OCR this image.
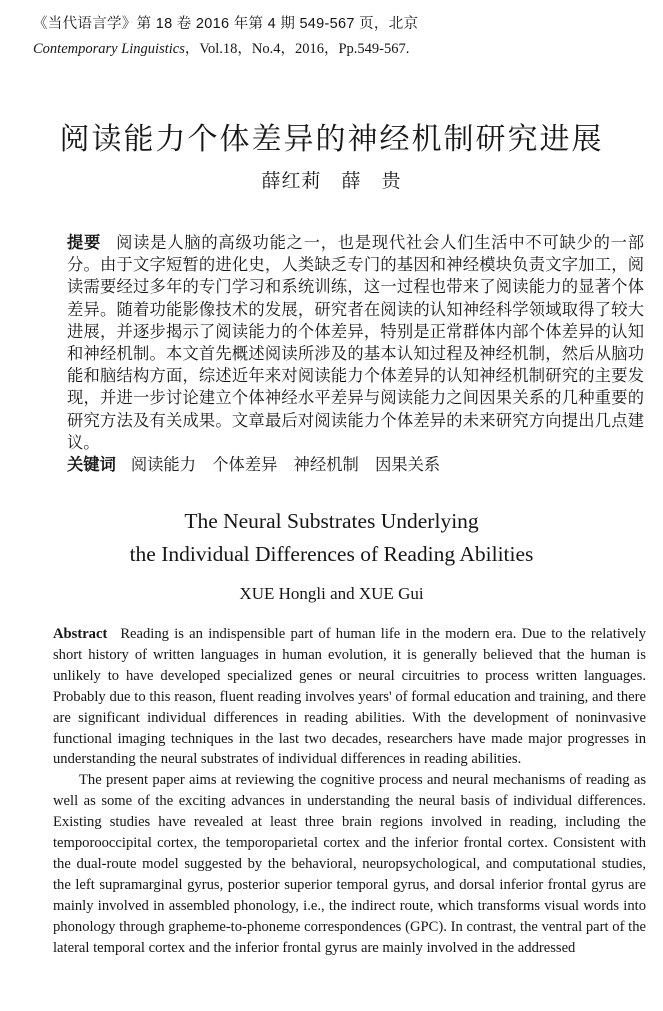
《当代语言学》第 18 卷 2016 年第 4 期 549-567 页，北京
Contemporary Linguistics，Vol.18，No.4，2016，Pp.549-567.
阅读能力个体差异的神经机制研究进展
薛红莉　薛　贵

提要 阅读是人脑的高级功能之一，也是现代社会人们生活中不可缺少的一部分。由于文字短暂的进化史，人类缺乏专门的基因和神经模块负责文字加工，阅读需要经过多年的专门学习和系统训练，这一过程也带来了阅读能力的显著个体差异。随着功能影像技术的发展，研究者在阅读的认知神经科学领域取得了较大进展，并逐步揭示了阅读能力的个体差异，特别是正常群体内部个体差异的认知和神经机制。本文首先概述阅读所涉及的基本认知过程及神经机制，然后从脑功能和脑结构方面，综述近年来对阅读能力个体差异的认知神经机制研究的主要发现，并进一步讨论建立个体神经水平差异与阅读能力之间因果关系的几种重要的研究方法及有关成果。文章最后对阅读能力个体差异的未来研究方向提出几点建议。

关键词 阅读能力　个体差异　神经机制　因果关系

The Neural Substrates Underlying
the Individual Differences of Reading Abilities
XUE Hongli and XUE Gui

Abstract Reading is an indispensible part of human life in the modern era. Due to the relatively short history of written languages in human evolution, it is generally believed that the human is unlikely to have developed specialized genes or neural circuitries to process written languages. Probably due to this reason, fluent reading involves years' of formal education and training, and there are significant individual differences in reading abilities. With the development of noninvasive functional imaging techniques in the last two decades, researchers have made major progresses in understanding the neural substrates of individual differences in reading abilities.

The present paper aims at reviewing the cognitive process and neural mechanisms of reading as well as some of the exciting advances in understanding the neural basis of individual differences. Existing studies have revealed at least three brain regions involved in reading, including the temporooccipital cortex, the temporoparietal cortex and the inferior frontal cortex. Consistent with the dual-route model suggested by the behavioral, neuropsychological, and computational studies, the left supramarginal gyrus, posterior superior temporal gyrus, and dorsal inferior frontal gyrus are mainly involved in assembled phonology, i.e., the indirect route, which transforms visual words into phonology through grapheme-to-phoneme correspondences (GPC). In contrast, the ventral part of the lateral temporal cortex and the inferior frontal gyrus are mainly involved in the addressed
